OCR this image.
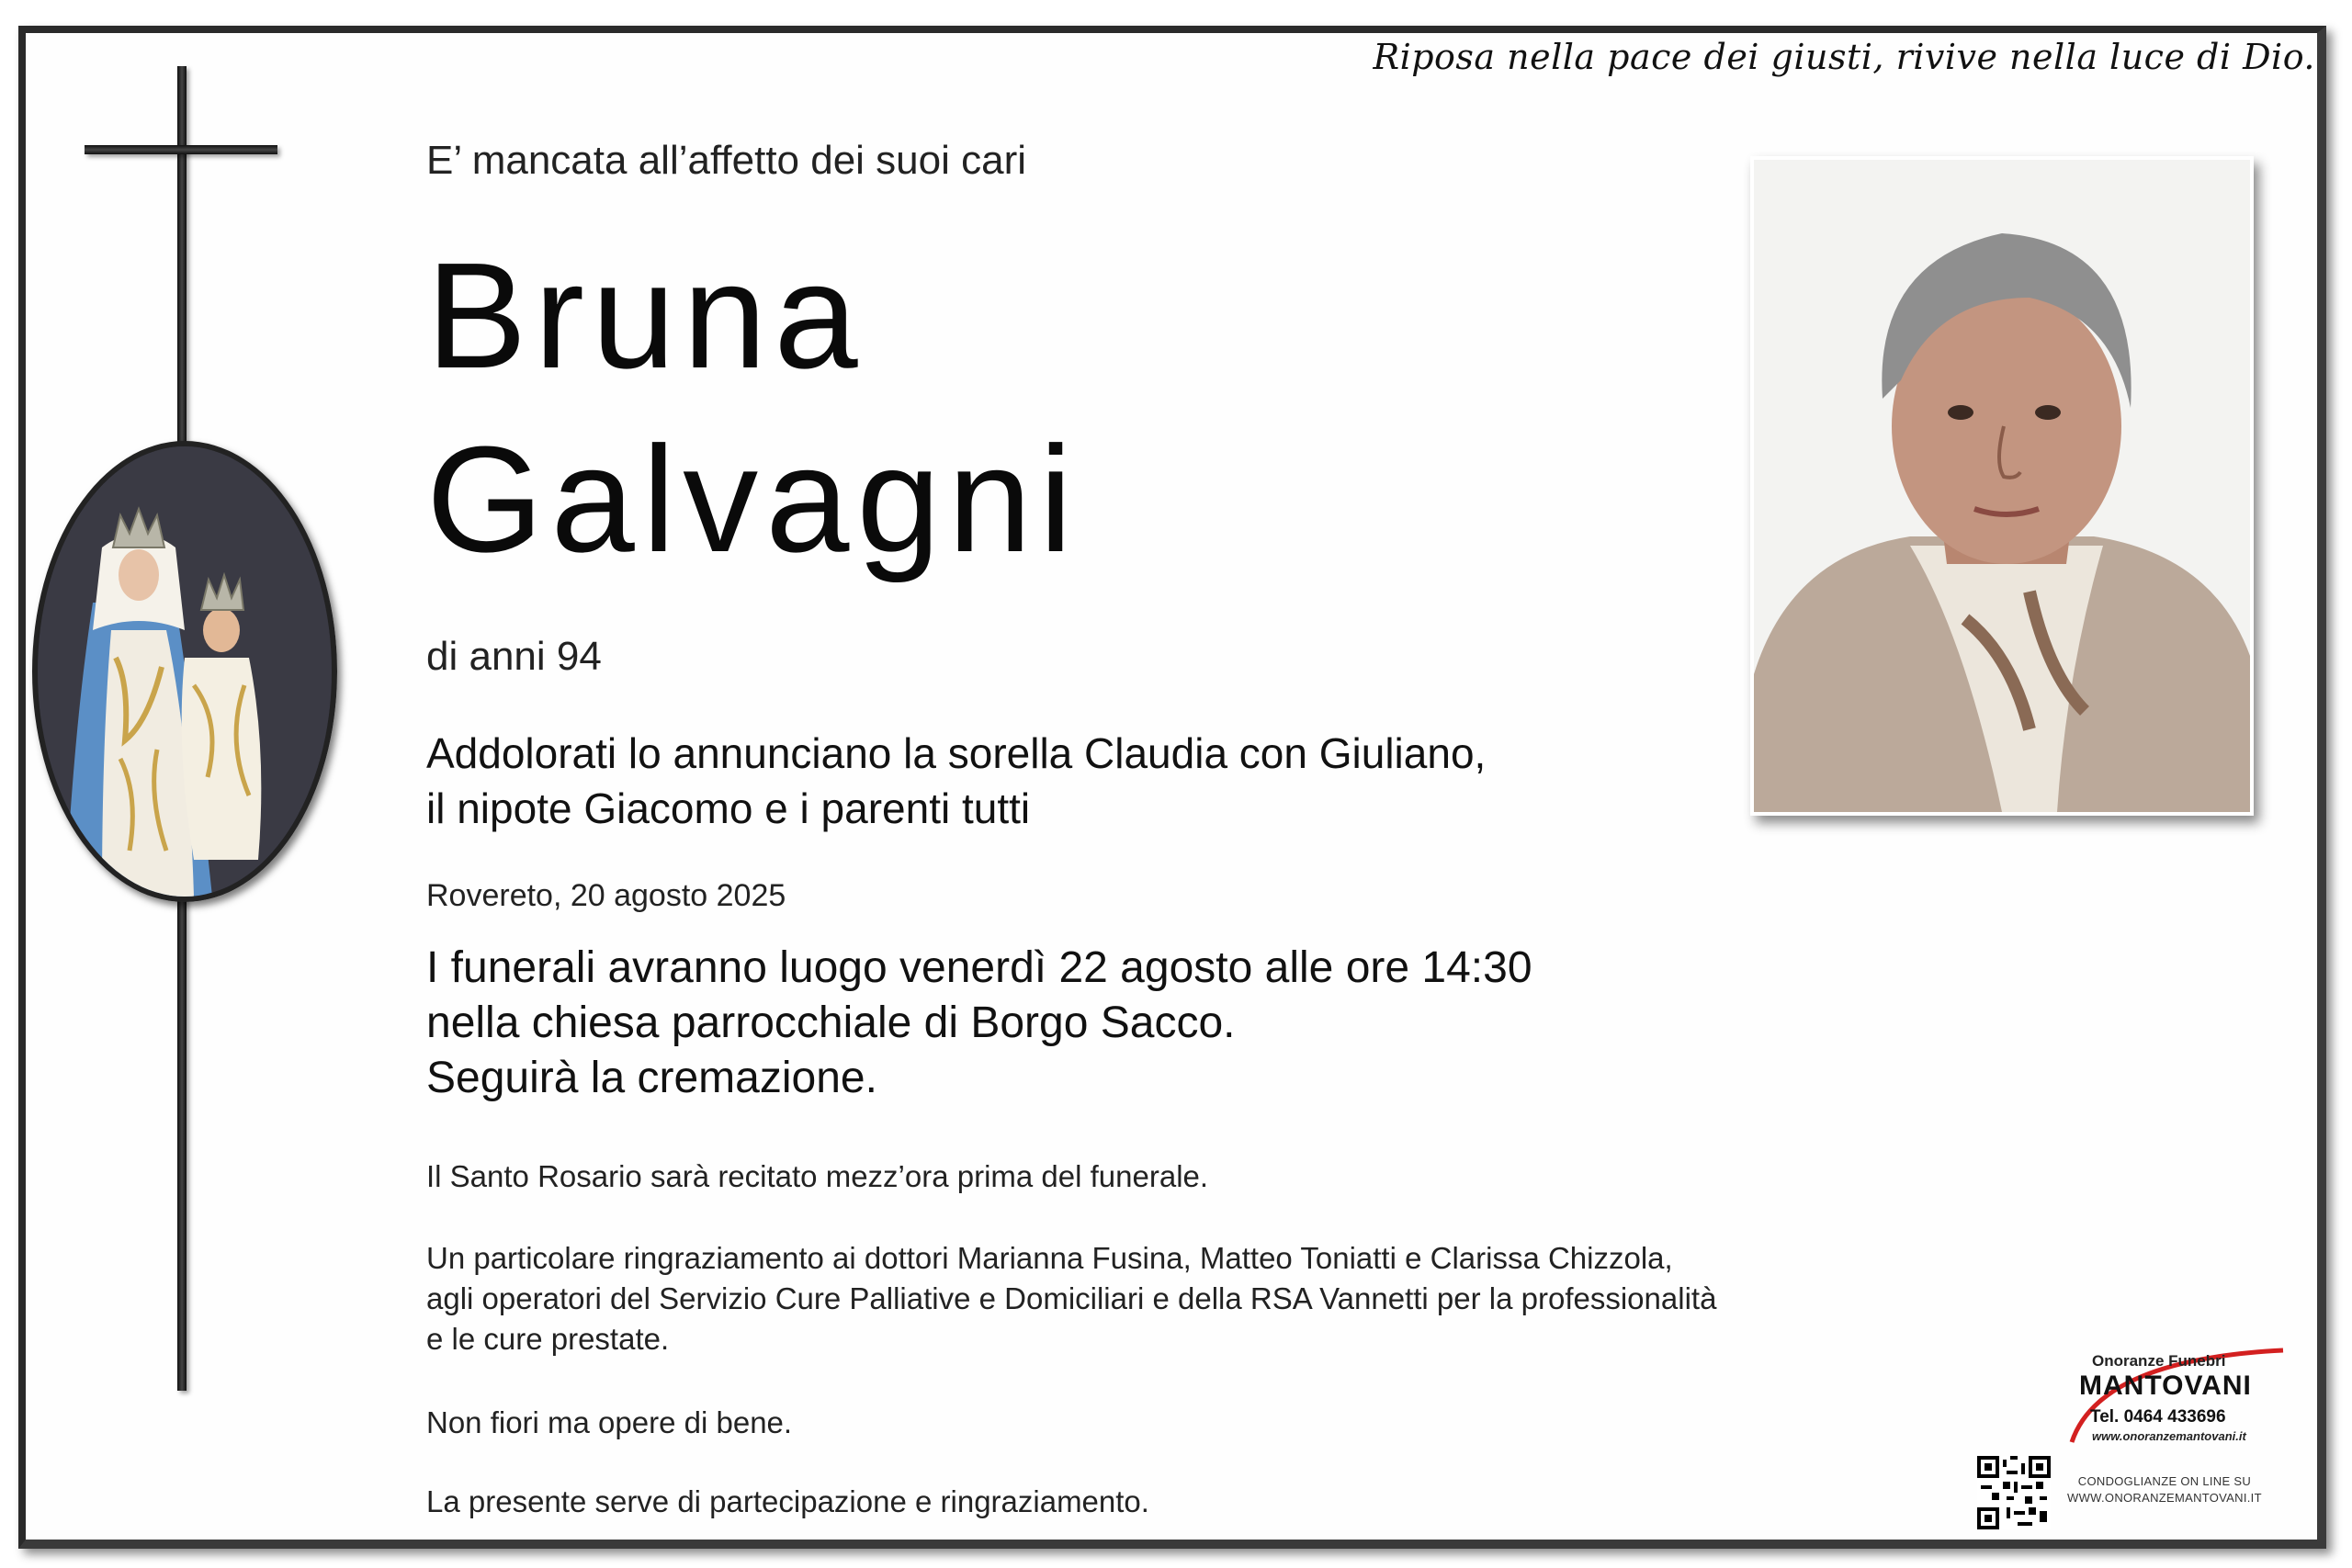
Riposa nella pace dei giusti, rivive nella luce di Dio.
E’ mancata all’affetto dei suoi cari
Bruna
Galvagni
di anni 94
Addolorati lo annunciano la sorella Claudia con Giuliano,
il nipote Giacomo e i parenti tutti
Rovereto, 20 agosto 2025
I funerali avranno luogo venerdì 22 agosto alle ore 14:30
nella chiesa parrocchiale di Borgo Sacco.
Seguirà la cremazione.
Il Santo Rosario sarà recitato mezz’ora prima del funerale.
Un particolare ringraziamento ai dottori Marianna Fusina, Matteo Toniatti e Clarissa Chizzola,
agli operatori del Servizio Cure Palliative e Domiciliari e della RSA Vannetti per la professionalità
e le cure prestate.
Non fiori ma opere di bene.
La presente serve di partecipazione e ringraziamento.
Onoranze Funebri
MANTOVANI
Tel. 0464 433696
www.onoranzemantovani.it
CONDOGLIANZE ON LINE SU
WWW.ONORANZEMANTOVANI.IT
